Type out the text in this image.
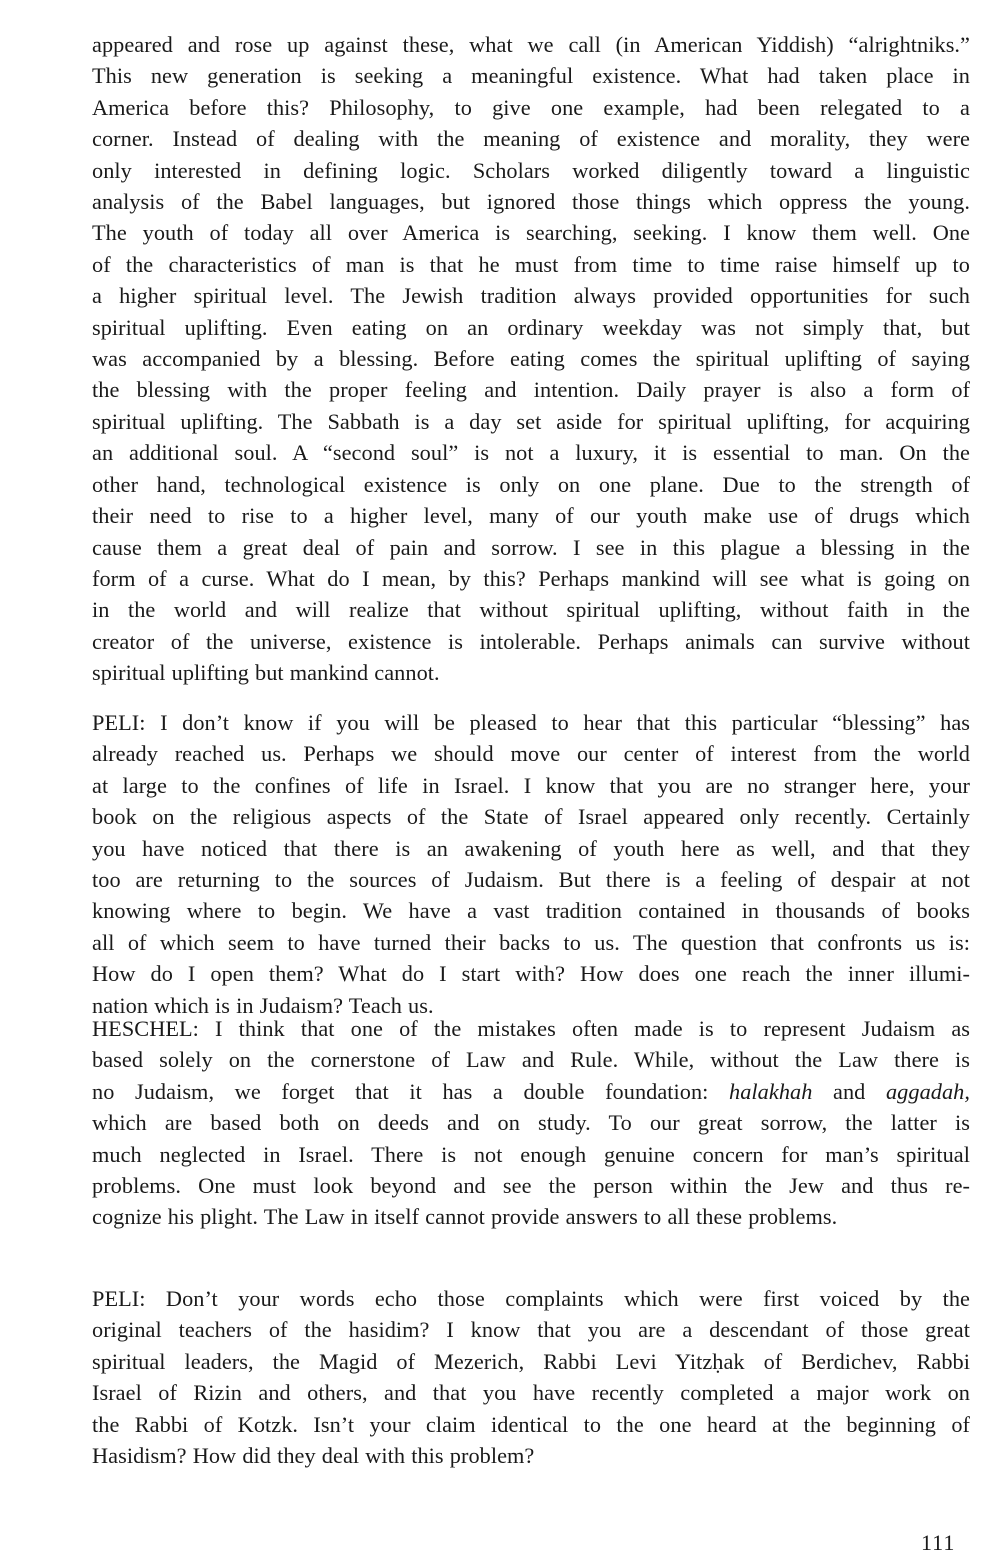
appeared and rose up against these, what we call (in American Yiddish) “alrightniks.”
This new generation is seeking a meaningful existence. What had taken place in
America before this? Philosophy, to give one example, had been relegated to a
corner. Instead of dealing with the meaning of existence and morality, they were
only interested in defining logic. Scholars worked diligently toward a linguistic
analysis of the Babel languages, but ignored those things which oppress the young.
The youth of today all over America is searching, seeking. I know them well. One
of the characteristics of man is that he must from time to time raise himself up to
a higher spiritual level. The Jewish tradition always provided opportunities for such
spiritual uplifting. Even eating on an ordinary weekday was not simply that, but
was accompanied by a blessing. Before eating comes the spiritual uplifting of saying
the blessing with the proper feeling and intention. Daily prayer is also a form of
spiritual uplifting. The Sabbath is a day set aside for spiritual uplifting, for acquiring
an additional soul. A “second soul” is not a luxury, it is essential to man. On the
other hand, technological existence is only on one plane. Due to the strength of
their need to rise to a higher level, many of our youth make use of drugs which
cause them a great deal of pain and sorrow. I see in this plague a blessing in the
form of a curse. What do I mean, by this? Perhaps mankind will see what is going on
in the world and will realize that without spiritual uplifting, without faith in the
creator of the universe, existence is intolerable. Perhaps animals can survive without
spiritual uplifting but mankind cannot.

PELI: I don’t know if you will be pleased to hear that this particular “blessing” has
already reached us. Perhaps we should move our center of interest from the world
at large to the confines of life in Israel. I know that you are no stranger here, your
book on the religious aspects of the State of Israel appeared only recently. Certainly
you have noticed that there is an awakening of youth here as well, and that they
too are returning to the sources of Judaism. But there is a feeling of despair at not
knowing where to begin. We have a vast tradition contained in thousands of books
all of which seem to have turned their backs to us. The question that confronts us is:
How do I open them? What do I start with? How does one reach the inner illumi-
nation which is in Judaism? Teach us.

HESCHEL: I think that one of the mistakes often made is to represent Judaism as
based solely on the cornerstone of Law and Rule. While, without the Law there is
no Judaism, we forget that it has a double foundation: halakhah and aggadah,
which are based both on deeds and on study. To our great sorrow, the latter is
much neglected in Israel. There is not enough genuine concern for man’s spiritual
problems. One must look beyond and see the person within the Jew and thus re-
cognize his plight. The Law in itself cannot provide answers to all these problems.

PELI: Don’t your words echo those complaints which were first voiced by the
original teachers of the hasidim? I know that you are a descendant of those great
spiritual leaders, the Magid of Mezerich, Rabbi Levi Yitzḥak of Berdichev, Rabbi
Israel of Rizin and others, and that you have recently completed a major work on
the Rabbi of Kotzk. Isn’t your claim identical to the one heard at the beginning of
Hasidism? How did they deal with this problem?

111
